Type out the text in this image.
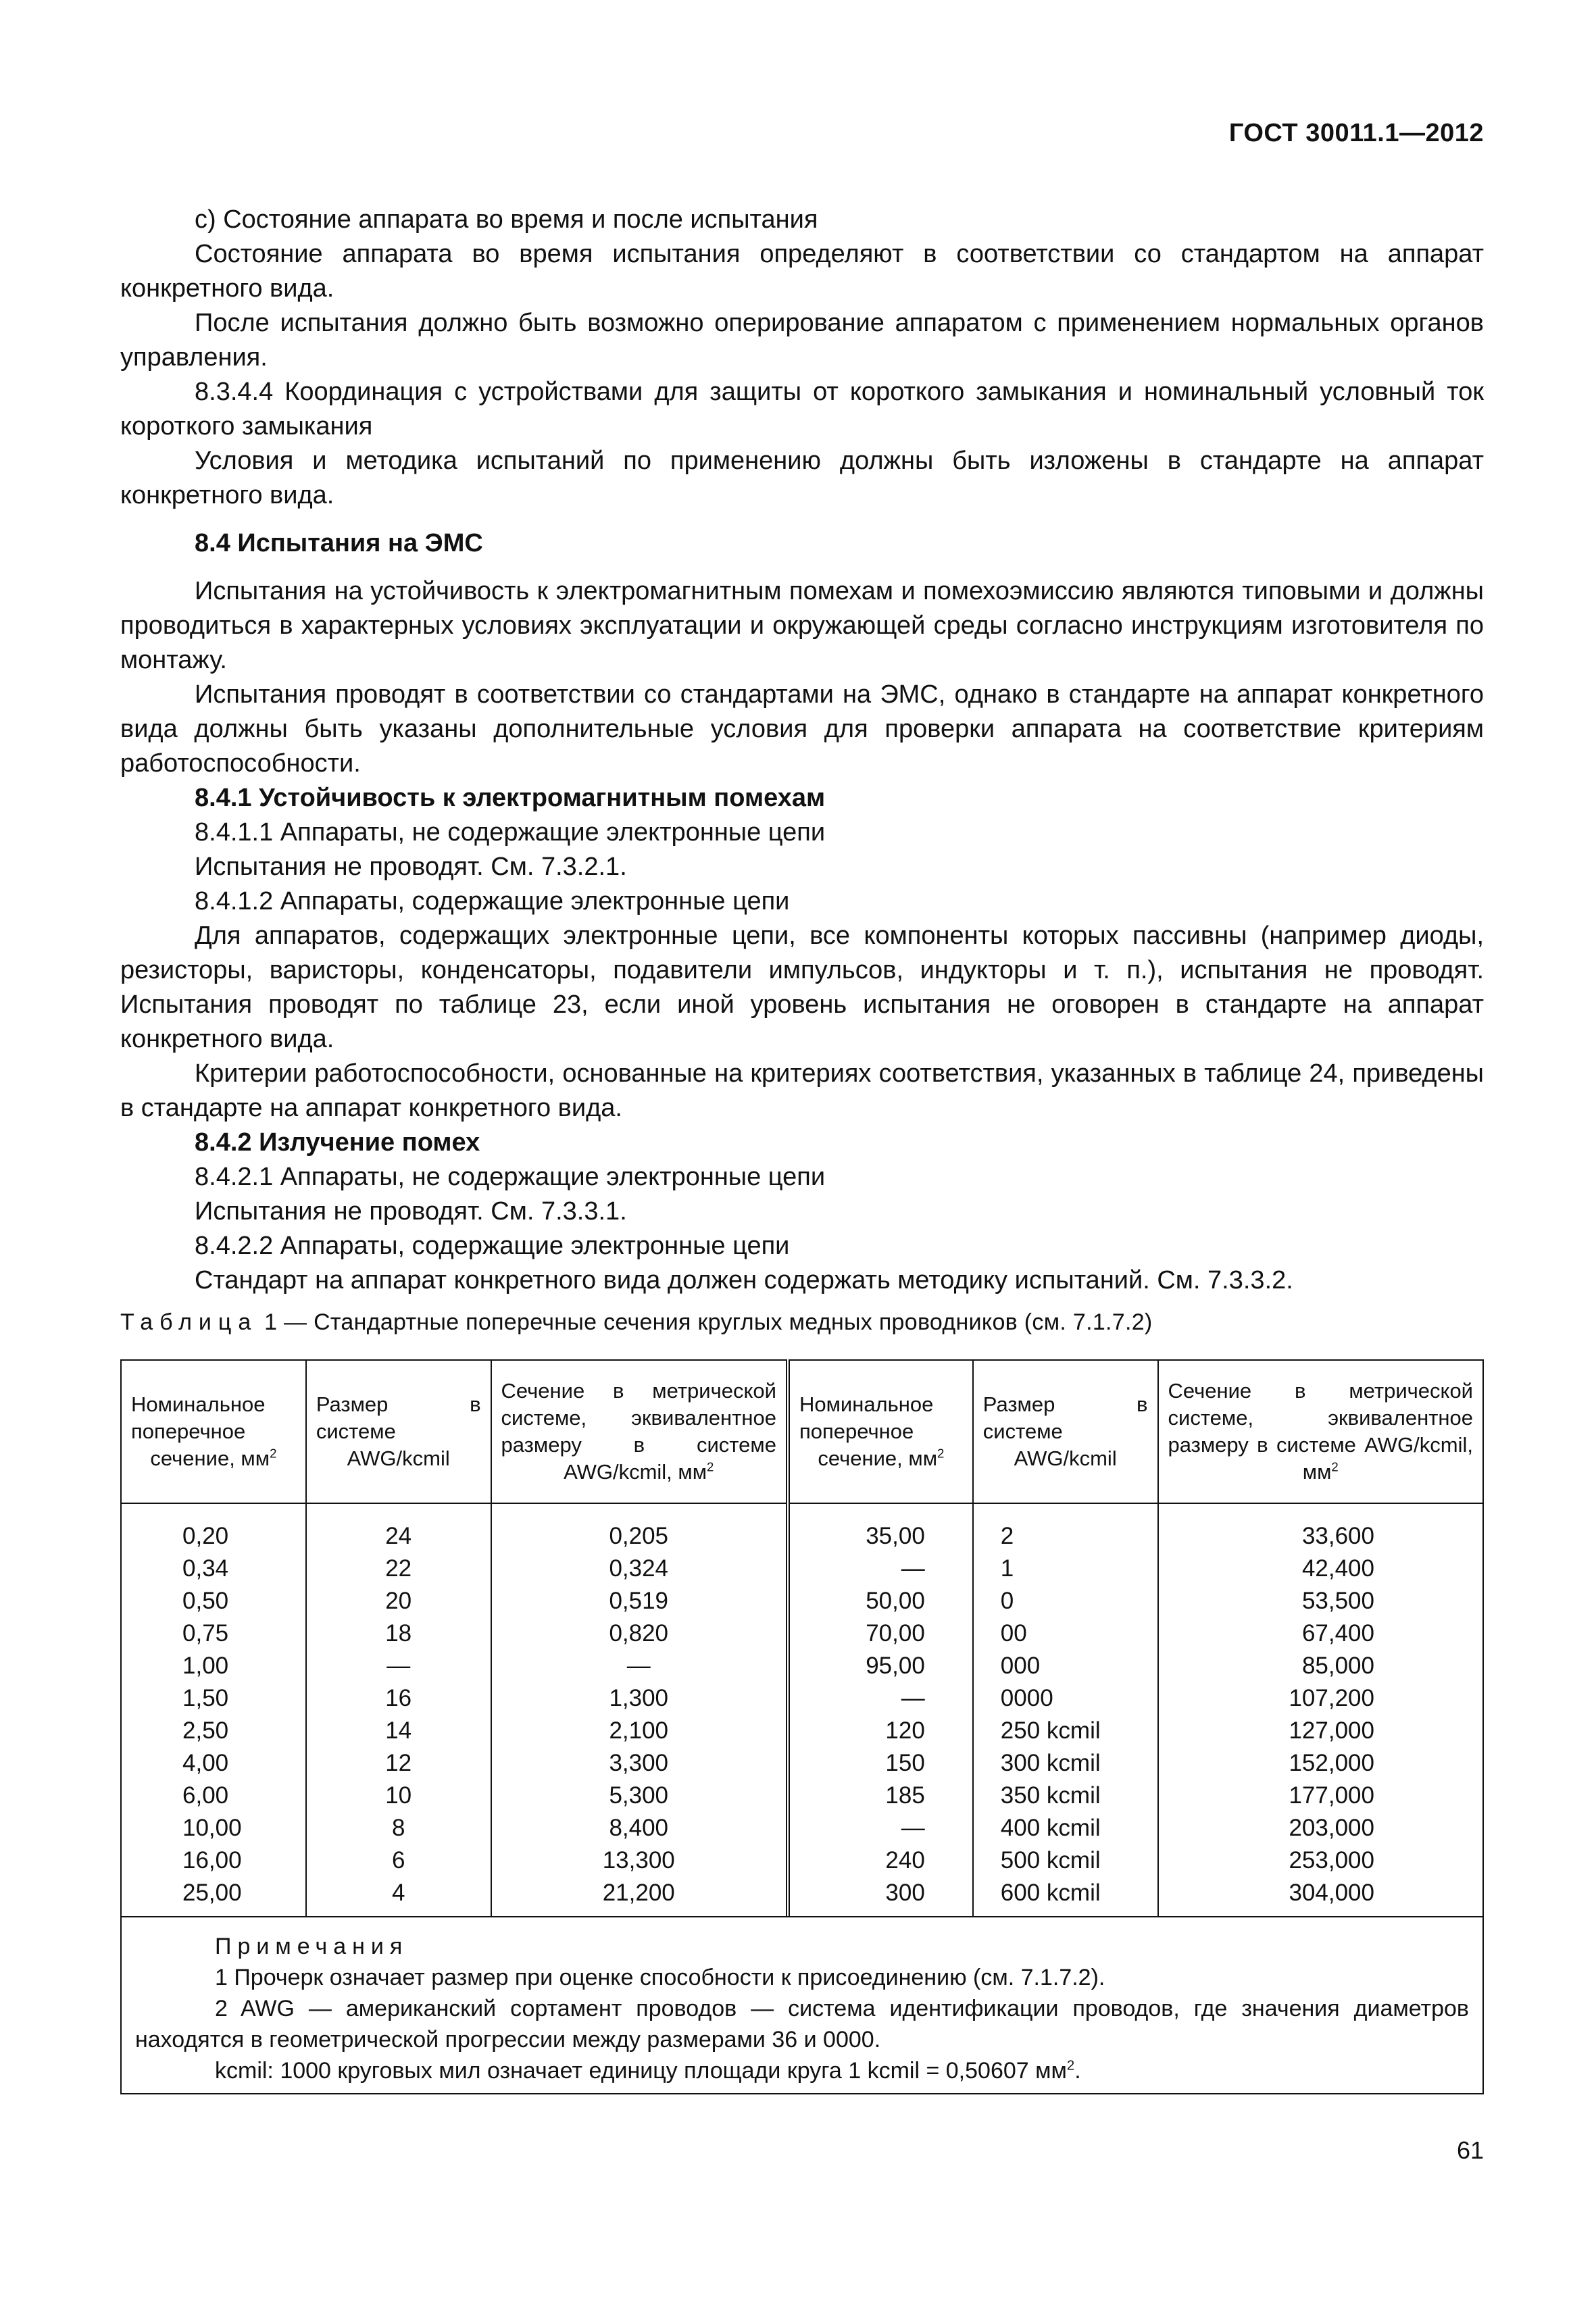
ГОСТ 30011.1—2012

с) Состояние аппарата во время и после испытания

Состояние аппарата во время испытания определяют в соответствии со стандартом на аппарат конкретного вида.

После испытания должно быть возможно оперирование аппаратом с применением нормальных органов управления.

8.3.4.4 Координация с устройствами для защиты от короткого замыкания и номинальный условный ток короткого замыкания

Условия и методика испытаний по применению должны быть изложены в стандарте на аппарат конкретного вида.

8.4 Испытания на ЭМС

Испытания на устойчивость к электромагнитным помехам и помехоэмиссию являются типовыми и должны проводиться в характерных условиях эксплуатации и окружающей среды согласно инструкциям изготовителя по монтажу.

Испытания проводят в соответствии со стандартами на ЭМС, однако в стандарте на аппарат конкретного вида должны быть указаны дополнительные условия для проверки аппарата на соответствие критериям работоспособности.

8.4.1 Устойчивость к электромагнитным помехам

8.4.1.1 Аппараты, не содержащие электронные цепи

Испытания не проводят. См. 7.3.2.1.

8.4.1.2 Аппараты, содержащие электронные цепи

Для аппаратов, содержащих электронные цепи, все компоненты которых пассивны (например диоды, резисторы, варисторы, конденсаторы, подавители импульсов, индукторы и т. п.), испытания не проводят. Испытания проводят по таблице 23, если иной уровень испытания не оговорен в стандарте на аппарат конкретного вида.

Критерии работоспособности, основанные на критериях соответствия, указанных в таблице 24, приведены в стандарте на аппарат конкретного вида.

8.4.2 Излучение помех

8.4.2.1 Аппараты, не содержащие электронные цепи

Испытания не проводят. См. 7.3.3.1.

8.4.2.2 Аппараты, содержащие электронные цепи

Стандарт на аппарат конкретного вида должен содержать методику испытаний. См. 7.3.3.2.

Таблица 1 — Стандартные поперечные сечения круглых медных проводников (см. 7.1.7.2)
Номинальное поперечное сечение, $мм^2$	Размер в системе AWG/kcmil	Сечение в метрической системе, эквивалентное размеру в системе AWG/kcmil, $мм^2$	Номинальное поперечное сечение, $мм^2$	Размер в системе AWG/kcmil	Сечение в метрической системе, эквивалентное размеру в системе AWG/kcmil, $мм^2$

0,20	24	0,205	35,00	2	33,600
0,34	22	0,324	—	1	42,400
0,50	20	0,519	50,00	0	53,500
0,75	18	0,820	70,00	00	67,400
1,00	—	—	95,00	000	85,000
1,50	16	1,300	—	0000	107,200
2,50	14	2,100	120	250 kcmil	127,000
4,00	12	3,300	150	300 kcmil	152,000
6,00	10	5,300	185	350 kcmil	177,000
10,00	8	8,400	—	400 kcmil	203,000
16,00	6	13,300	240	500 kcmil	253,000
25,00	4	21,200	300	600 kcmil	304,000

Примечания

1 Прочерк означает размер при оценке способности к присоединению (см. 7.1.7.2).

2 AWG — американский сортамент проводов — система идентификации проводов, где значения диаметров находятся в геометрической прогрессии между размерами 36 и 0000.

kcmil: 1000 круговых мил означает единицу площади круга 1 kcmil = 0,50607 $мм^2$.

61
